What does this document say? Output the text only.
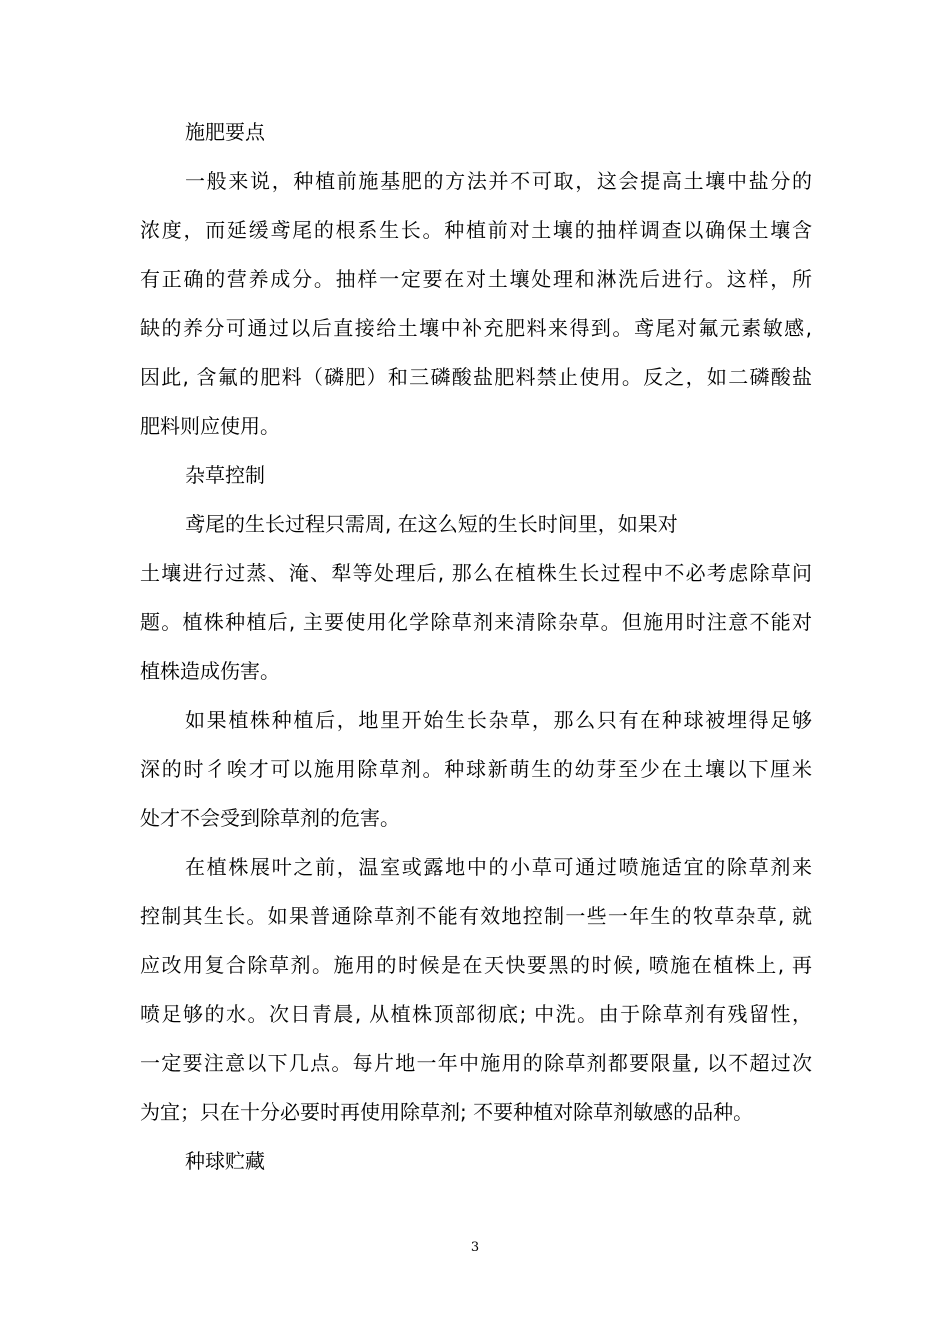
施肥要点
一般来说，种植前施基肥的方法并不可取，这会提高土壤中盐分的
浓度，而延缓鸢尾的根系生长。种植前对土壤的抽样调查以确保土壤含
有正确的营养成分。抽样一定要在对土壤处理和淋洗后进行。这样，所
缺的养分可通过以后直接给土壤中补充肥料来得到。鸢尾对氟元素敏感,
因此, 含氟的肥料（磷肥）和三磷酸盐肥料禁止使用。反之，如二磷酸盐
肥料则应使用。
杂草控制
鸢尾的生长过程只需周, 在这么短的生长时间里，如果对
土壤进行过蒸、淹、犁等处理后, 那么在植株生长过程中不必考虑除草问
题。植株种植后, 主要使用化学除草剂来清除杂草。但施用时注意不能对
植株造成伤害。
如果植株种植后，地里开始生长杂草，那么只有在种球被埋得足够
深的时彳唉才可以施用除草剂。种球新萌生的幼芽至少在土壤以下厘米
处才不会受到除草剂的危害。
在植株展叶之前，温室或露地中的小草可通过喷施适宜的除草剂来
控制其生长。如果普通除草剂不能有效地控制一些一年生的牧草杂草, 就
应改用复合除草剂。施用的时候是在天快要黑的时候, 喷施在植株上, 再
喷足够的水。次日青晨, 从植株顶部彻底; 中洗。由于除草剂有残留性，
一定要注意以下几点。每片地一年中施用的除草剂都要限量, 以不超过次
为宜；只在十分必要时再使用除草剂; 不要种植对除草剂敏感的品种。
种球贮藏
3
